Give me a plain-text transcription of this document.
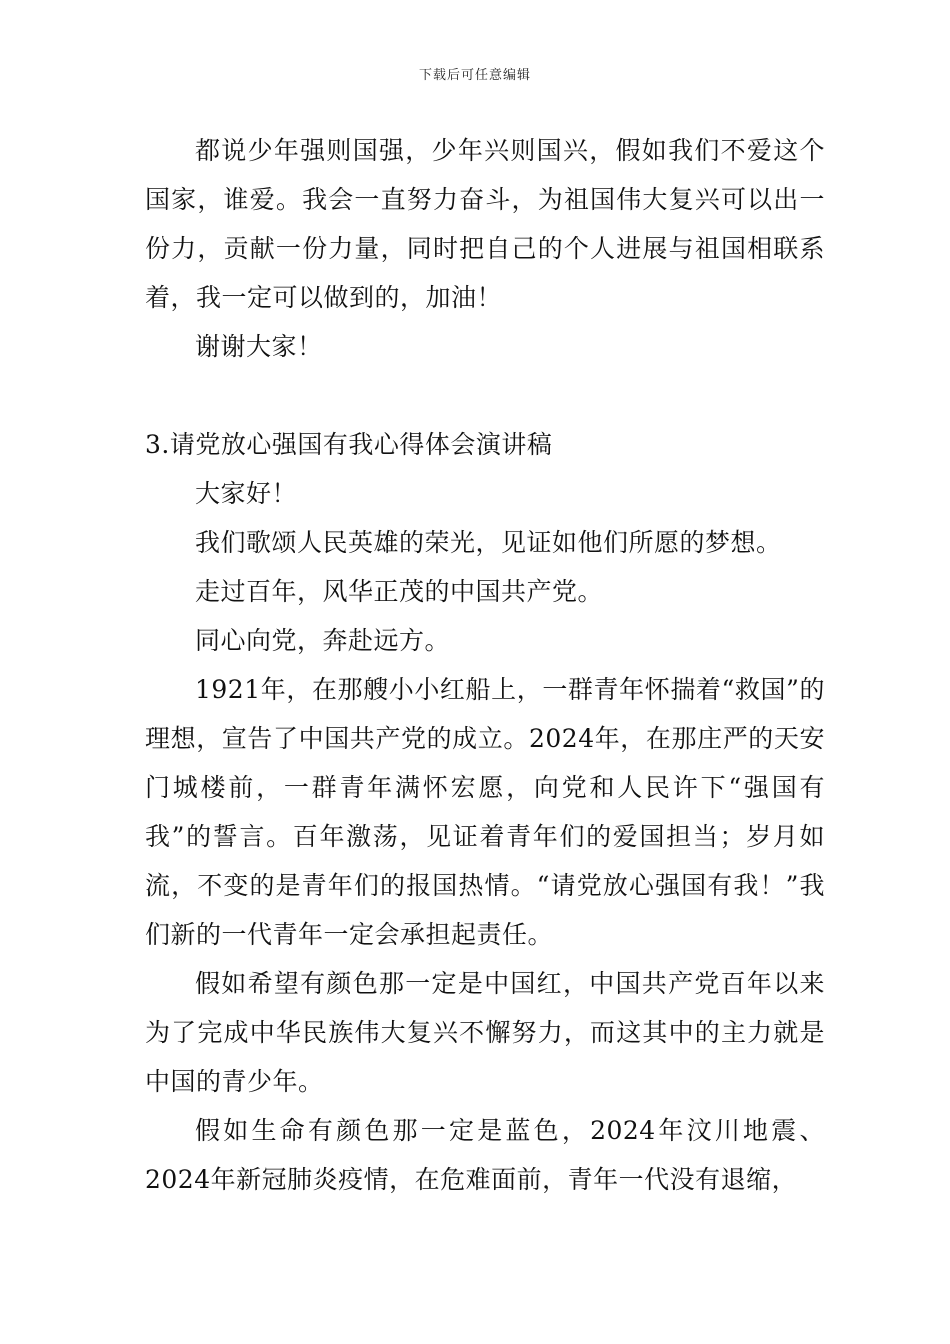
下载后可任意编辑

都说少年强则国强，少年兴则国兴，假如我们不爱这个国家，谁爱。我会一直努力奋斗，为祖国伟大复兴可以出一份力，贡献一份力量，同时把自己的个人进展与祖国相联系着，我一定可以做到的，加油！

谢谢大家！

3.请党放心强国有我心得体会演讲稿

大家好！

我们歌颂人民英雄的荣光，见证如他们所愿的梦想。

走过百年，风华正茂的中国共产党。

同心向党，奔赴远方。

1921年，在那艘小小红船上，一群青年怀揣着“救国”的理想，宣告了中国共产党的成立。2024年，在那庄严的天安门城楼前，一群青年满怀宏愿，向党和人民许下“强国有我”的誓言。百年激荡，见证着青年们的爱国担当；岁月如流，不变的是青年们的报国热情。“请党放心强国有我！”我们新的一代青年一定会承担起责任。

假如希望有颜色那一定是中国红，中国共产党百年以来为了完成中华民族伟大复兴不懈努力，而这其中的主力就是中国的青少年。

假如生命有颜色那一定是蓝色，2024年汶川地震、2024年新冠肺炎疫情，在危难面前，青年一代没有退缩，
